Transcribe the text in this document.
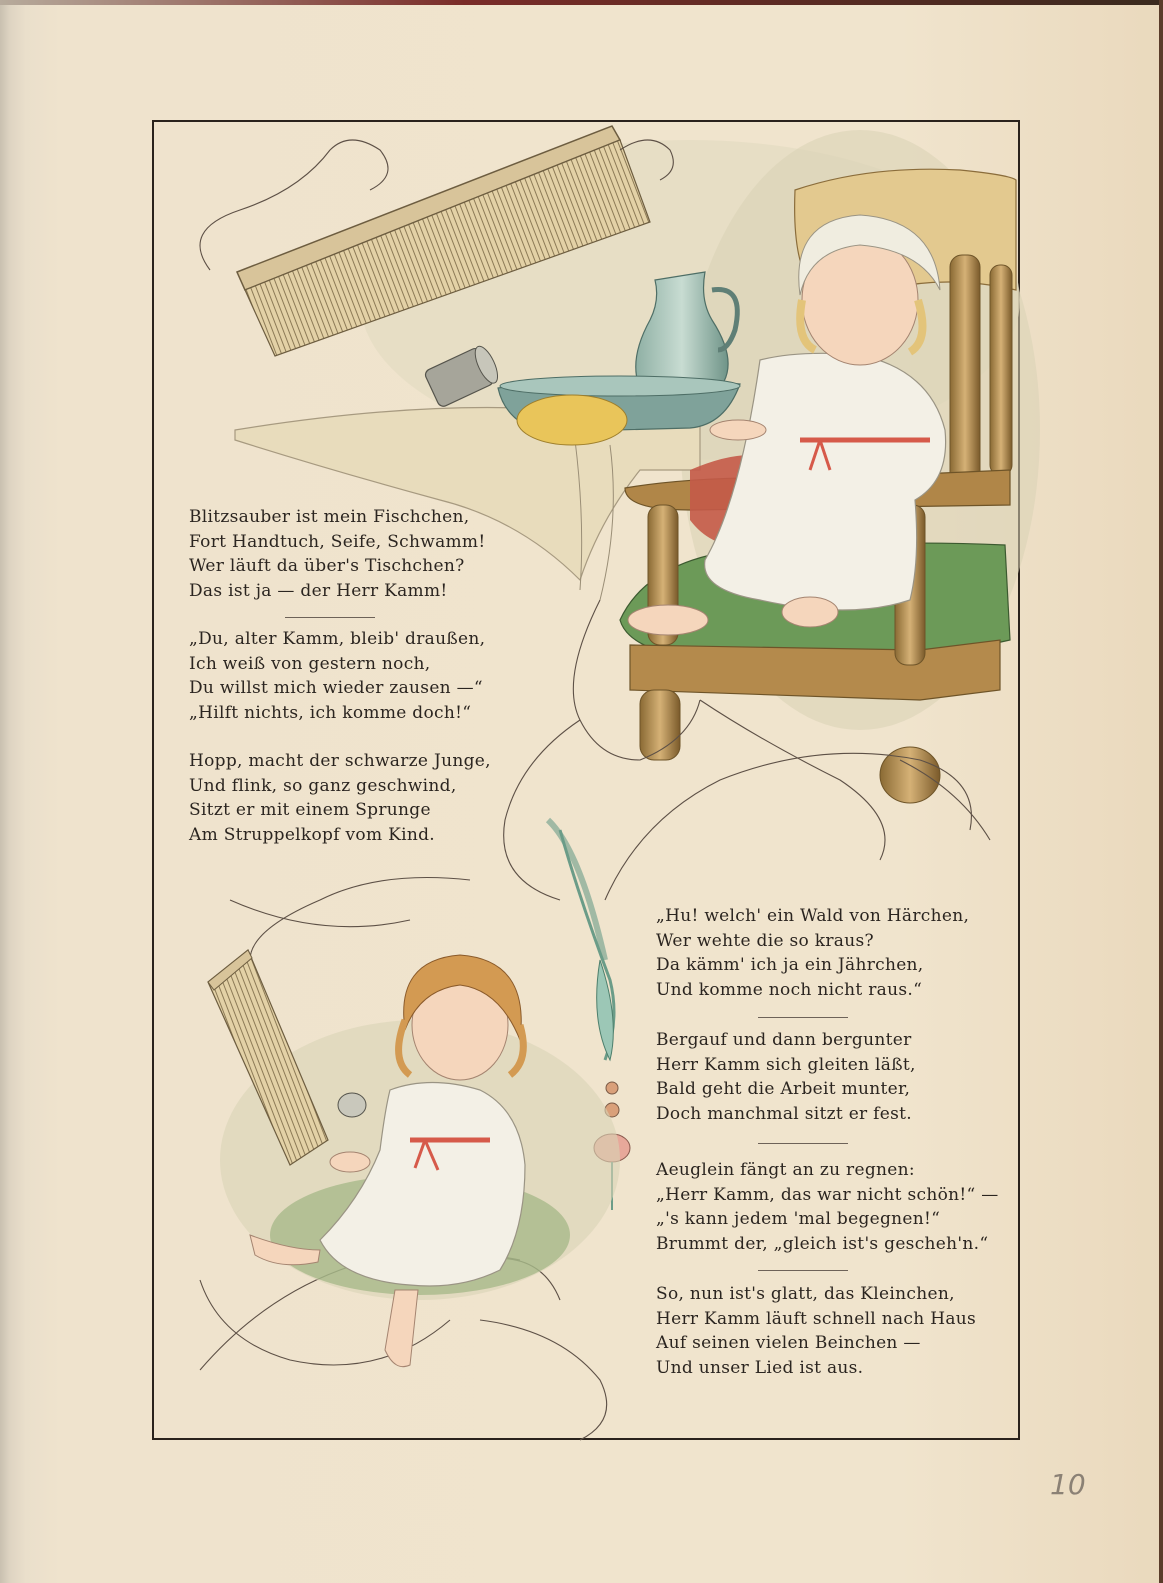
Blitzsauber ist mein Fischchen,
Fort Handtuch, Seife, Schwamm!
Wer läuft da über's Tischchen?
Das ist ja — der Herr Kamm!
„Du, alter Kamm, bleib' draußen,
Ich weiß von gestern noch,
Du willst mich wieder zausen —“
„Hilft nichts, ich komme doch!“
Hopp, macht der schwarze Junge,
Und flink, so ganz geschwind,
Sitzt er mit einem Sprunge
Am Struppelkopf vom Kind.
„Hu! welch' ein Wald von Härchen,
Wer wehte die so kraus?
Da kämm' ich ja ein Jährchen,
Und komme noch nicht raus.“
Bergauf und dann bergunter
Herr Kamm sich gleiten läßt,
Bald geht die Arbeit munter,
Doch manchmal sitzt er fest.
Aeuglein fängt an zu regnen:
„Herr Kamm, das war nicht schön!“ —
„'s kann jedem 'mal begegnen!“
Brummt der, „gleich ist's gescheh'n.“
So, nun ist's glatt, das Kleinchen,
Herr Kamm läuft schnell nach Haus
Auf seinen vielen Beinchen —
Und unser Lied ist aus.
10
